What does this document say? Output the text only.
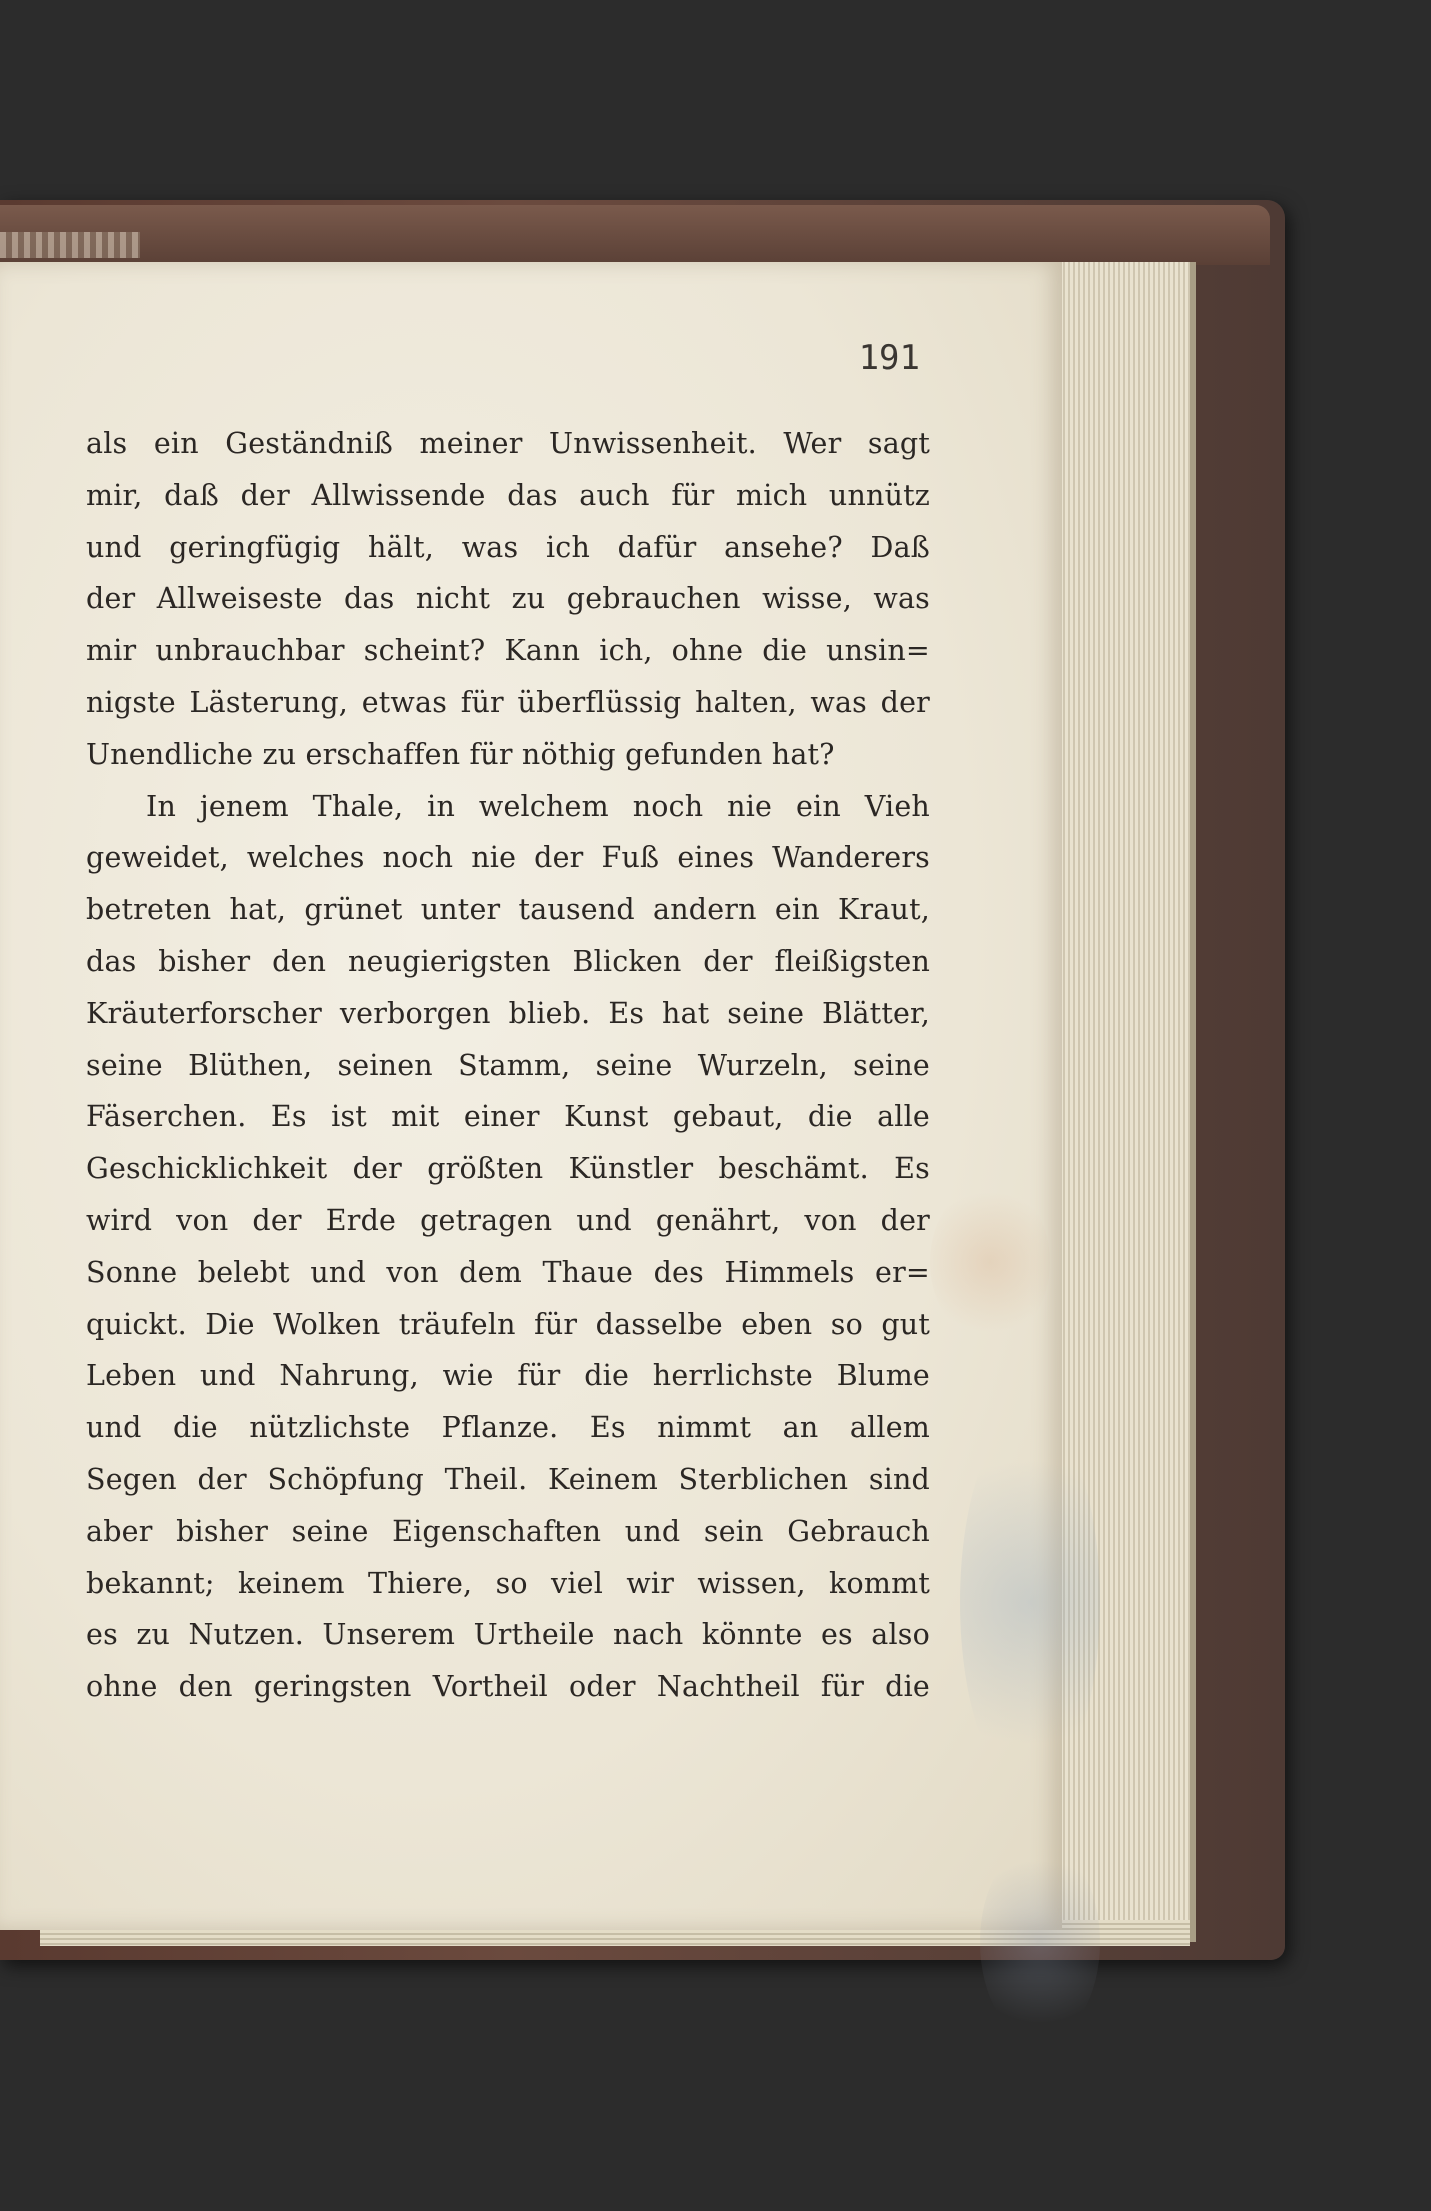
191
als ein Geständniß meiner Unwissenheit. Wer sagt
mir, daß der Allwissende das auch für mich unnütz
und geringfügig hält, was ich dafür ansehe? Daß
der Allweiseste das nicht zu gebrauchen wisse, was
mir unbrauchbar scheint? Kann ich, ohne die unsin=
nigste Lästerung, etwas für überflüssig halten, was der
Unendliche zu erschaffen für nöthig gefunden hat?
In jenem Thale, in welchem noch nie ein Vieh
geweidet, welches noch nie der Fuß eines Wanderers
betreten hat, grünet unter tausend andern ein Kraut,
das bisher den neugierigsten Blicken der fleißigsten
Kräuterforscher verborgen blieb. Es hat seine Blätter,
seine Blüthen, seinen Stamm, seine Wurzeln, seine
Fäserchen. Es ist mit einer Kunst gebaut, die alle
Geschicklichkeit der größten Künstler beschämt. Es
wird von der Erde getragen und genährt, von der
Sonne belebt und von dem Thaue des Himmels er=
quickt. Die Wolken träufeln für dasselbe eben so gut
Leben und Nahrung, wie für die herrlichste Blume
und die nützlichste Pflanze. Es nimmt an allem
Segen der Schöpfung Theil. Keinem Sterblichen sind
aber bisher seine Eigenschaften und sein Gebrauch
bekannt; keinem Thiere, so viel wir wissen, kommt
es zu Nutzen. Unserem Urtheile nach könnte es also
ohne den geringsten Vortheil oder Nachtheil für die
